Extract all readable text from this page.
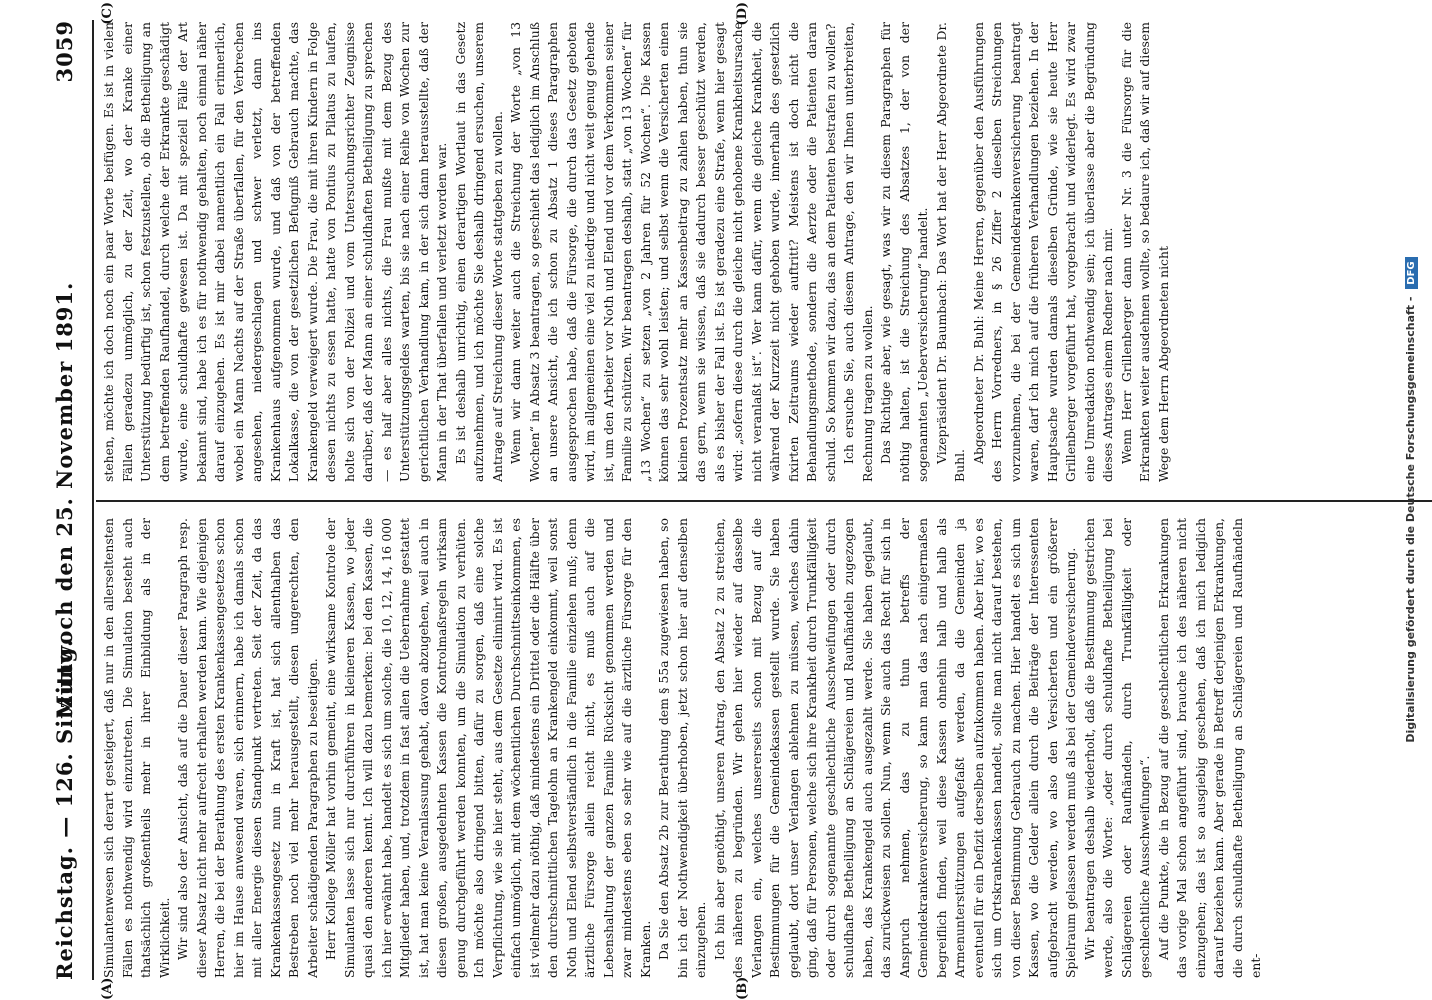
Reichstag. — 126. Sitzung.
Mittwoch den 25. November 1891.
3059
(A)	(B)
(C)	(D)

Simulantenwesen sich derart gesteigert, daß nur in den allerseltensten Fällen es nothwendig wird einzutreten. Die Simulation besteht auch thatsächlich großentheils mehr in ihrer Einbildung als in der Wirklichkeit. Wir sind also der Ansicht, daß auf die Dauer dieser Paragraph resp. dieser Absatz nicht mehr aufrecht erhalten werden kann. Wie diejenigen Herren, die bei der Berathung des ersten Krankenkassengesetzes schon hier im Hause anwesend waren, sich erinnern, habe ich damals schon mit aller Energie diesen Standpunkt vertreten. Seit der Zeit, da das Krankenkassengesetz nun in Kraft ist, hat sich allenthalben das Bestreben noch viel mehr herausgestellt, diesen ungerechten, den Arbeiter schädigenden Paragraphen zu beseitigen. Herr Kollege Möller hat vorhin gemeint, eine wirksame Kontrole der Simulanten lasse sich nur durchführen in kleineren Kassen, wo jeder quasi den anderen kennt. Ich will dazu bemerken: bei den Kassen, die ich hier erwähnt habe, handelt es sich um solche, die 10, 12, 14, 16 000 Mitglieder haben, und, trotzdem in fast allen die Uebernahme gestattet ist, hat man keine Veranlassung gehabt, davon abzugehen, weil auch in diesen großen, ausgedehnten Kassen die Kontrolmaßregeln wirksam genug durchgeführt werden konnten, um die Simulation zu verhüten. Ich möchte also dringend bitten, dafür zu sorgen, daß eine solche Verpflichtung, wie sie hier steht, aus dem Gesetze eliminirt wird. Es ist einfach unmöglich, mit dem wöchentlichen Durchschnittseinkommen, es ist vielmehr dazu nöthig, daß mindestens ein Drittel oder die Hälfte über den durchschnittlichen Tagelohn an Krankengeld einkommt, weil sonst Noth und Elend selbstverständlich in die Familie einziehen muß; denn ärztliche Fürsorge allein reicht nicht, es muß auch auf die Lebenshaltung der ganzen Familie Rücksicht genommen werden und zwar mindestens eben so sehr wie auf die ärztliche Fürsorge für den Kranken. Da Sie den Absatz 2b zur Berathung dem § 55a zugewiesen haben, so bin ich der Nothwendigkeit überhoben, jetzt schon hier auf denselben einzugehen. Ich bin aber genöthigt, unseren Antrag, den Absatz 2 zu streichen, des näheren zu begründen. Wir gehen hier wieder auf dasselbe Verlangen ein, welches unsererseits schon mit Bezug auf die Bestimmungen für die Gemeindekassen gestellt wurde. Sie haben geglaubt, dort unser Verlangen ablehnen zu müssen, welches dahin ging, daß für Personen, welche sich ihre Krankheit durch Trunkfälligkeit oder durch sogenannte geschlechtliche Ausschweifungen oder durch schuldhafte Betheiligung an Schlägereien und Raufhändeln zugezogen haben, das Krankengeld auch ausgezahlt werde. Sie haben geglaubt, das zurückweisen zu sollen. Nun, wenn Sie auch das Recht für sich in Anspruch nehmen, das zu thun betreffs der Gemeindekrankenversicherung, so kann man das nach einigermaßen begreiflich finden, weil diese Kassen ohnehin halb und halb als Armenunterstützungen aufgefaßt werden, da die Gemeinden ja eventuell für ein Defizit derselben aufzukommen haben. Aber hier, wo es sich um Ortskrankenkassen handelt, sollte man nicht darauf bestehen, von dieser Bestimmung Gebrauch zu machen. Hier handelt es sich um Kassen, wo die Gelder allein durch die Beiträge der Interessenten aufgebracht werden, wo also den Versicherten und ein größerer Spielraum gelassen werden muß als bei der Gemeindeversicherung. Wir beantragen deshalb wiederholt, daß die Bestimmung gestrichen werde, also die Worte: „oder durch schuldhafte Betheiligung bei Schlägereien oder Raufhändeln, durch Trunkfälligkeit oder geschlechtliche Ausschweifungen“. Auf die Punkte, die in Bezug auf die geschlechtlichen Erkrankungen das vorige Mal schon angeführt sind, brauche ich des näheren nicht einzugehen; das ist so ausgiebig geschehen, daß ich mich lediglich darauf beziehen kann. Aber gerade in Betreff derjenigen Erkrankungen, die durch schuldhafte Betheiligung an Schlägereien und Raufhändeln ent-

stehen, möchte ich doch noch ein paar Worte beifügen. Es ist in vielen Fällen geradezu unmöglich, zu der Zeit, wo der Kranke einer Unterstützung bedürftig ist, schon festzustellen, ob die Betheiligung an dem betreffenden Raufhandel, durch welche der Erkrankte geschädigt wurde, eine schuldhafte gewesen ist. Da mit speziell Fälle der Art bekannt sind, habe ich es für nothwendig gehalten, noch einmal näher darauf einzugehen. Es ist mir dabei namentlich ein Fall erinnerlich, wobei ein Mann Nachts auf der Straße überfallen, für den Verbrechen angesehen, niedergeschlagen und schwer verletzt, dann ins Krankenhaus aufgenommen wurde, und daß von der betreffenden Lokalkasse, die von der gesetzlichen Befugniß Gebrauch machte, das Krankengeld verweigert wurde. Die Frau, die mit ihren Kindern in Folge dessen nichts zu essen hatte, hatte von Pontius zu Pilatus zu laufen, holte sich von der Polizei und vom Untersuchungsrichter Zeugnisse darüber, daß der Mann an einer schuldhaften Betheiligung zu sprechen — es half aber alles nichts, die Frau mußte mit dem Bezug des Unterstützungsgeldes warten, bis sie nach einer Reihe von Wochen zur gerichtlichen Verhandlung kam, in der sich dann herausstellte, daß der Mann in der That überfallen und verletzt worden war. Es ist deshalb unrichtig, einen derartigen Wortlaut in das Gesetz aufzunehmen, und ich möchte Sie deshalb dringend ersuchen, unserem Antrage auf Streichung dieser Worte stattgeben zu wollen. Wenn wir dann weiter auch die Streichung der Worte „von 13 Wochen“ in Absatz 3 beantragen, so geschieht das lediglich im Anschluß an unsere Ansicht, die ich schon zu Absatz 1 dieses Paragraphen ausgesprochen habe, daß die Fürsorge, die durch das Gesetz geboten wird, im allgemeinen eine viel zu niedrige und nicht weit genug gehende ist, um den Arbeiter vor Noth und Elend und vor dem Verkommen seiner Familie zu schützen. Wir beantragen deshalb, statt „von 13 Wochen“ für „13 Wochen“ zu setzen „von 2 Jahren für 52 Wochen“. Die Kassen können das sehr wohl leisten; und selbst wenn die Versicherten einen kleinen Prozentsatz mehr an Kassenbeitrag zu zahlen haben, thun sie das gern, wenn sie wissen, daß sie dadurch besser geschützt werden, als es bisher der Fall ist. Es ist geradezu eine Strafe, wenn hier gesagt wird: „sofern diese durch die gleiche nicht gehobene Krankheitsursache nicht veranlaßt ist“. Wer kann dafür, wenn die gleiche Krankheit, die während der Kurzzeit nicht gehoben wurde, innerhalb des gesetzlich fixirten Zeitraums wieder auftritt? Meistens ist doch nicht die Behandlungsmethode, sondern die Aerzte oder die Patienten daran schuld. So kommen wir dazu, das an dem Patienten bestrafen zu wollen? Ich ersuche Sie, auch diesem Antrage, den wir Ihnen unterbreiten, Rechnung tragen zu wollen. Das Richtige aber, wie gesagt, was wir zu diesem Paragraphen für nöthig halten, ist die Streichung des Absatzes 1, der von der sogenannten „Ueberversicherung“ handelt. Vizepräsident Dr. Baumbach: Das Wort hat der Herr Abgeordnete Dr. Buhl.

Abgeordneter Dr. Buhl: Meine Herren, gegenüber den Ausführungen des Herrn Vorredners, in § 26 Ziffer 2 dieselben Streichungen vorzunehmen, die bei der Gemeindekrankenversicherung beantragt waren, darf ich mich auf die früheren Verhandlungen beziehen. In der Hauptsache wurden damals dieselben Gründe, wie sie heute Herr Grillenberger vorgeführt hat, vorgebracht und widerlegt. Es wird zwar eine Umredaktion nothwendig sein; ich überlasse aber die Begründung dieses Antrages einem Redner nach mir. Wenn Herr Grillenberger dann unter Nr. 3 die Fürsorge für die Erkrankten weiter ausdehnen wollte, so bedaure ich, daß wir auf diesem Wege dem Herrn Abgeordneten nicht	Digitalisierung gefördert durch die Deutsche Forschungsgemeinschaft - DFG
